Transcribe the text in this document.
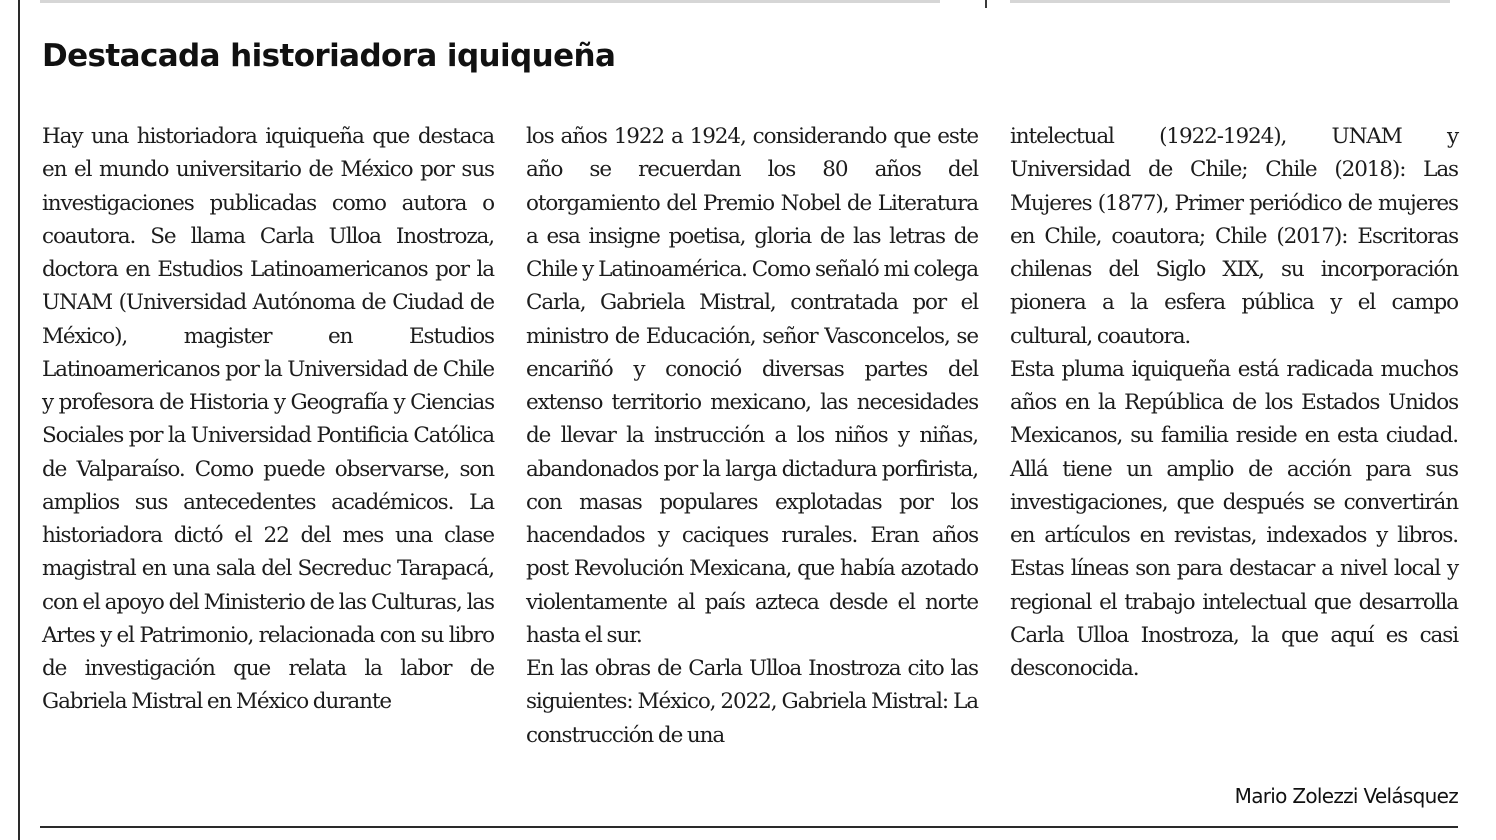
Destacada historiadora iquiqueña

Hay una historiadora iquiqueña que destaca en el mundo universitario de México por sus investigaciones publicadas como autora o coautora. Se llama Carla Ulloa Inostroza, doctora en Estudios Latinoamericanos por la UNAM (Universidad Autónoma de Ciudad de México), magister en Estudios Latinoamericanos por la Universidad de Chile y profesora de Historia y Geografía y Ciencias Sociales por la Universidad Pontificia Católica de Valparaíso. Como puede observarse, son amplios sus antecedentes académicos. La historiadora dictó el 22 del mes una clase magistral en una sala del Secreduc Tarapacá, con el apoyo del Ministerio de las Culturas, las Artes y el Patrimonio, relacionada con su libro de investigación que relata la labor de Gabriela Mistral en México durante

los años 1922 a 1924, considerando que este año se recuerdan los 80 años del otorgamiento del Premio Nobel de Literatura a esa insigne poetisa, gloria de las letras de Chile y Latinoamérica. Como señaló mi colega Carla, Gabriela Mistral, contratada por el ministro de Educación, señor Vasconcelos, se encariñó y conoció diversas partes del extenso territorio mexicano, las necesidades de llevar la instrucción a los niños y niñas, abandonados por la larga dictadura porfirista, con masas populares explotadas por los hacendados y caciques rurales. Eran años post Revolución Mexicana, que había azotado violentamente al país azteca desde el norte hasta el sur.

En las obras de Carla Ulloa Inostroza cito las siguientes: México, 2022, Gabriela Mistral: La construcción de una

intelectual (1922-1924), UNAM y Universidad de Chile; Chile (2018): Las Mujeres (1877), Primer periódico de mujeres en Chile, coautora; Chile (2017): Escritoras chilenas del Siglo XIX, su incorporación pionera a la esfera pública y el campo cultural, coautora.

Esta pluma iquiqueña está radicada muchos años en la República de los Estados Unidos Mexicanos, su familia reside en esta ciudad. Allá tiene un amplio de acción para sus investigaciones, que después se convertirán en artículos en revistas, indexados y libros. Estas líneas son para destacar a nivel local y regional el trabajo intelectual que desarrolla Carla Ulloa Inostroza, la que aquí es casi desconocida.

Mario Zolezzi Velásquez
